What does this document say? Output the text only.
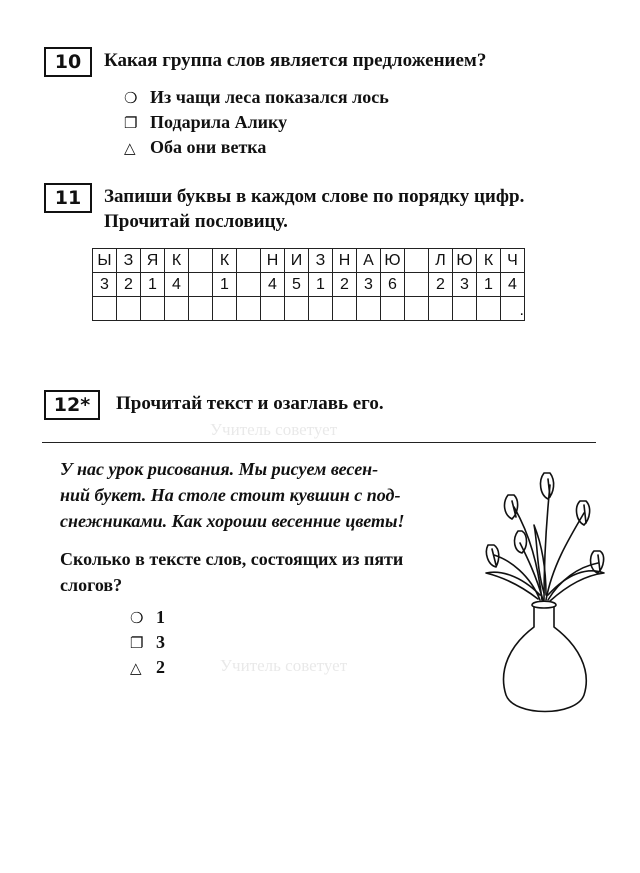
Учитель советует
Учитель советует
10	Какая группа слов является предложением?
❍ Из чащи леса показался лось
❐ Подарила Алику
△ Оба они ветка
11	Запиши буквы в каждом слове по порядку цифр.
Прочитай пословицу.
Ы	З	Я	К		К		Н	И	З	Н	А	Ю		Л	Ю	К	Ч
3	2	1	4		1		4	5	1	2	3	6		2	3	1	4
																	.
12*	Прочитай текст и озаглавь его.
У нас урок рисования. Мы рисуем весен-
ний букет. На столе стоит кувшин с под-
снежниками. Как хороши весенние цветы!
Сколько в тексте слов, состоящих из пяти
слогов?
❍ 1
❐ 3
△ 2
